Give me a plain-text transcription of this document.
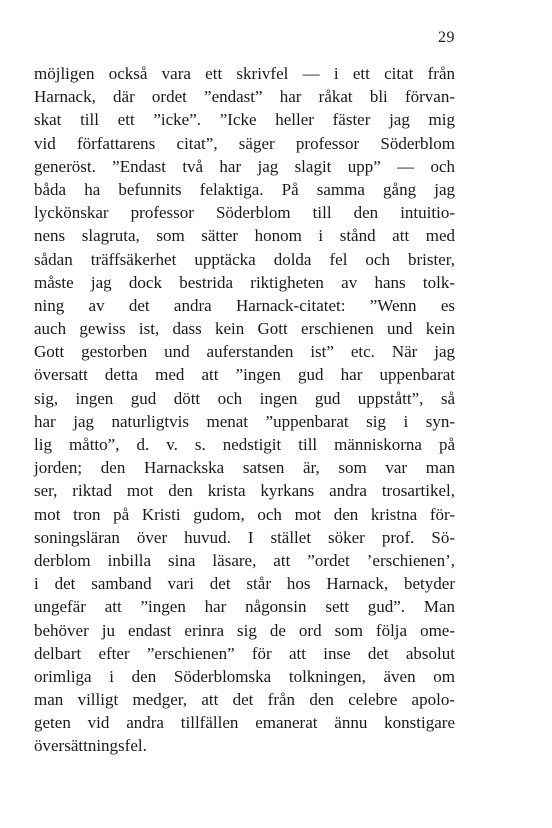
29
möjligen också vara ett skrivfel — i ett citat från
Harnack, där ordet ”endast” har råkat bli förvan-
skat till ett ”icke”. ”Icke heller fäster jag mig
vid författarens citat”, säger professor Söderblom
generöst. ”Endast två har jag slagit upp” — och
båda ha befunnits felaktiga. På samma gång jag
lyckönskar professor Söderblom till den intuitio-
nens slagruta, som sätter honom i stånd att med
sådan träffsäkerhet upptäcka dolda fel och brister,
måste jag dock bestrida riktigheten av hans tolk-
ning av det andra Harnack-citatet: ”Wenn es
auch gewiss ist, dass kein Gott erschienen und kein
Gott gestorben und auferstanden ist” etc. När jag
översatt detta med att ”ingen gud har uppenbarat
sig, ingen gud dött och ingen gud uppstått”, så
har jag naturligtvis menat ”uppenbarat sig i syn-
lig måtto”, d. v. s. nedstigit till människorna på
jorden; den Harnackska satsen är, som var man
ser, riktad mot den krista kyrkans andra trosartikel,
mot tron på Kristi gudom, och mot den kristna för-
soningsläran över huvud. I stället söker prof. Sö-
derblom inbilla sina läsare, att ”ordet ’erschienen’,
i det samband vari det står hos Harnack, betyder
ungefär att ”ingen har någonsin sett gud”. Man
behöver ju endast erinra sig de ord som följa ome-
delbart efter ”erschienen” för att inse det absolut
orimliga i den Söderblomska tolkningen, även om
man villigt medger, att det från den celebre apolo-
geten vid andra tillfällen emanerat ännu konstigare
översättningsfel.
